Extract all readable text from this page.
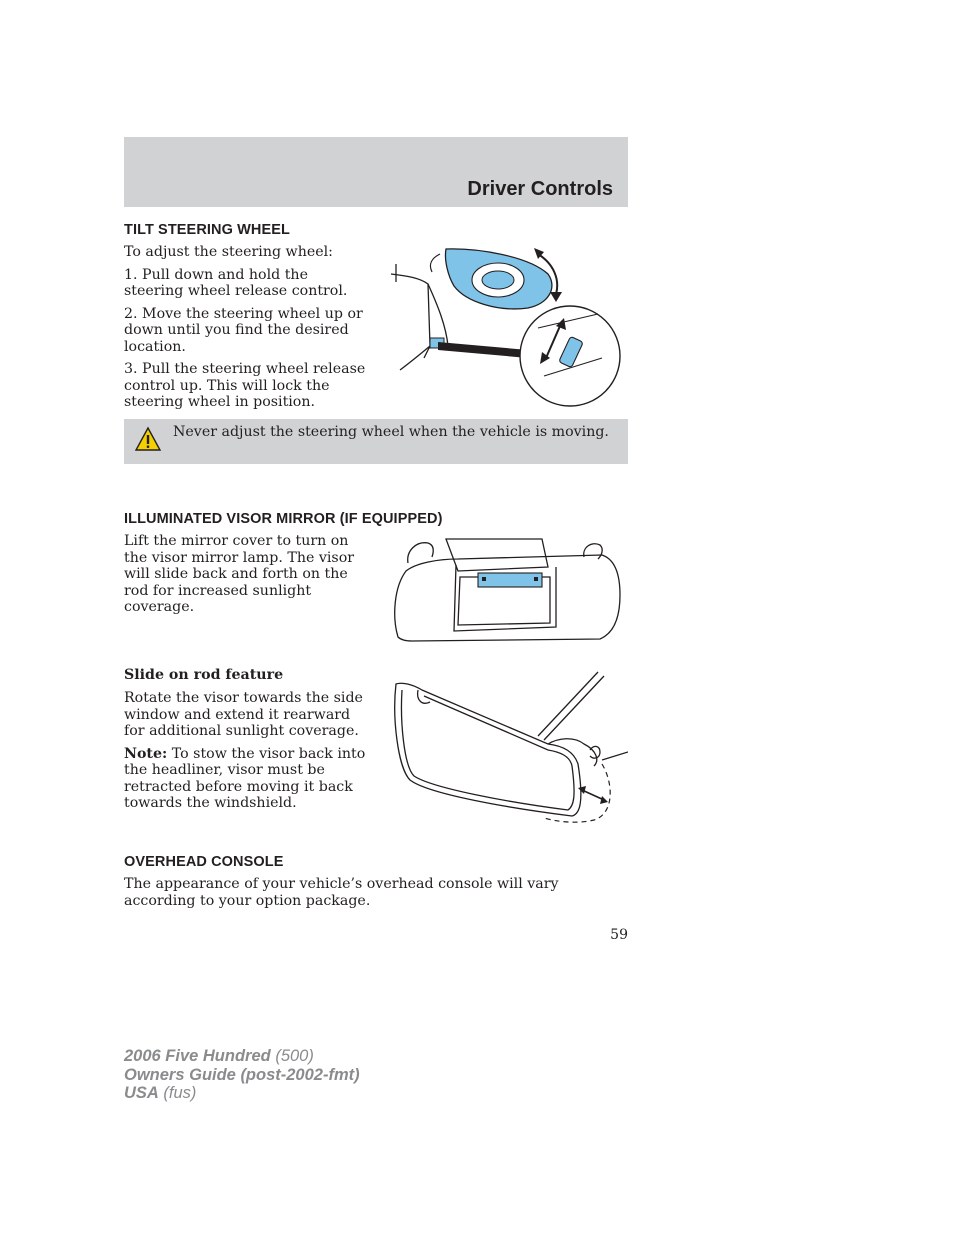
Driver Controls
TILT STEERING WHEEL

To adjust the steering wheel:

1. Pull down and hold the steering wheel release control.

2. Move the steering wheel up or down until you find the desired location.

3. Pull the steering wheel release control up. This will lock the steering wheel in position.

Never adjust the steering wheel when the vehicle is moving.
ILLUMINATED VISOR MIRROR (IF EQUIPPED)

Lift the mirror cover to turn on the visor mirror lamp. The visor will slide back and forth on the rod for increased sunlight coverage.

Slide on rod feature

Rotate the visor towards the side window and extend it rearward for additional sunlight coverage.

Note: To stow the visor back into the headliner, visor must be retracted before moving it back towards the windshield.

OVERHEAD CONSOLE

The appearance of your vehicle’s overhead console will vary according to your option package.

59
2006 Five Hundred (500)
Owners Guide (post-2002-fmt)
USA (fus)
